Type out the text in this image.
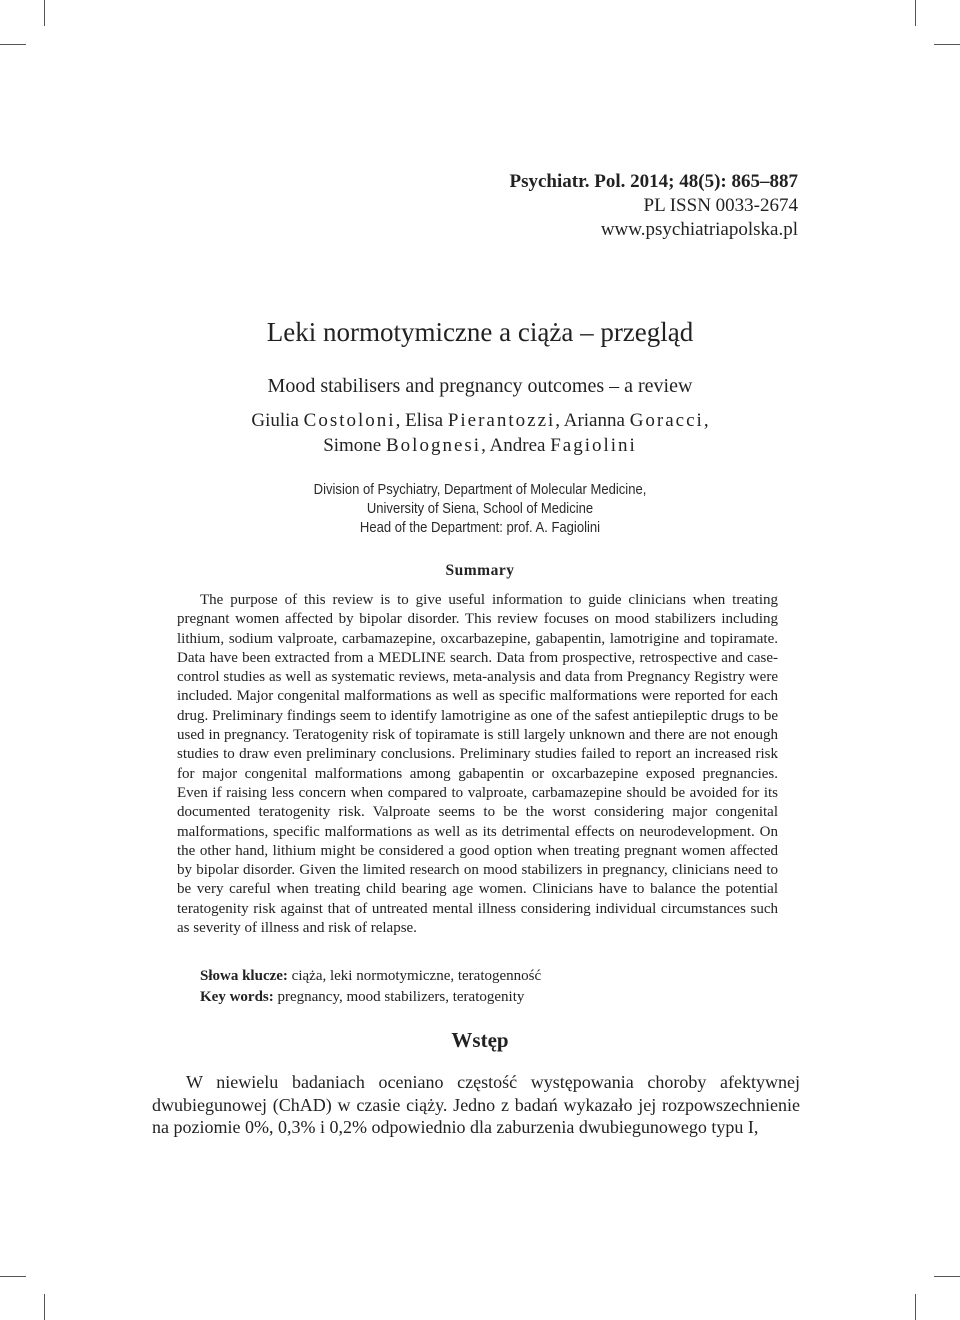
Psychiatr. Pol. 2014; 48(5): 865–887
PL ISSN 0033-2674
www.psychiatriapolska.pl
Leki normotymiczne a ciąża – przegląd
Mood stabilisers and pregnancy outcomes – a review
Giulia Costoloni, Elisa Pierantozzi, Arianna Goracci,
Simone Bolognesi, Andrea Fagiolini
Division of Psychiatry, Department of Molecular Medicine,
University of Siena, School of Medicine
Head of the Department: prof. A. Fagiolini
Summary

The purpose of this review is to give useful information to guide clinicians when treating pregnant women affected by bipolar disorder. This review focuses on mood stabilizers including lithium, sodium valproate, carbamazepine, oxcarbazepine, gabapentin, lamotrigine and topiramate. Data have been extracted from a MEDLINE search. Data from prospective, retrospective and case-control studies as well as systematic reviews, meta-analysis and data from Pregnancy Registry were included. Major congenital malformations as well as specific malformations were reported for each drug. Preliminary findings seem to identify lamotrigine as one of the safest antiepileptic drugs to be used in pregnancy. Teratogenity risk of topiramate is still largely unknown and there are not enough studies to draw even preliminary conclusions. Preliminary studies failed to report an increased risk for major congenital malformations among gabapentin or oxcarbazepine exposed pregnancies. Even if raising less concern when compared to valproate, carbamazepine should be avoided for its documented teratogenity risk. Valproate seems to be the worst considering major congenital malformations, specific malformations as well as its detrimental effects on neurodevelopment. On the other hand, lithium might be considered a good option when treating pregnant women affected by bipolar disorder. Given the limited research on mood stabilizers in pregnancy, clinicians need to be very careful when treating child bearing age women. Clinicians have to balance the potential teratogenity risk against that of untreated mental illness considering individual circumstances such as severity of illness and risk of relapse.

Słowa klucze: ciąża, leki normotymiczne, teratogenność

Key words: pregnancy, mood stabilizers, teratogenity

Wstęp

W niewielu badaniach oceniano częstość występowania choroby afektywnej dwubiegunowej (ChAD) w czasie ciąży. Jedno z badań wykazało jej rozpowszechnienie na poziomie 0%, 0,3% i 0,2% odpowiednio dla zaburzenia dwubiegunowego typu I,
